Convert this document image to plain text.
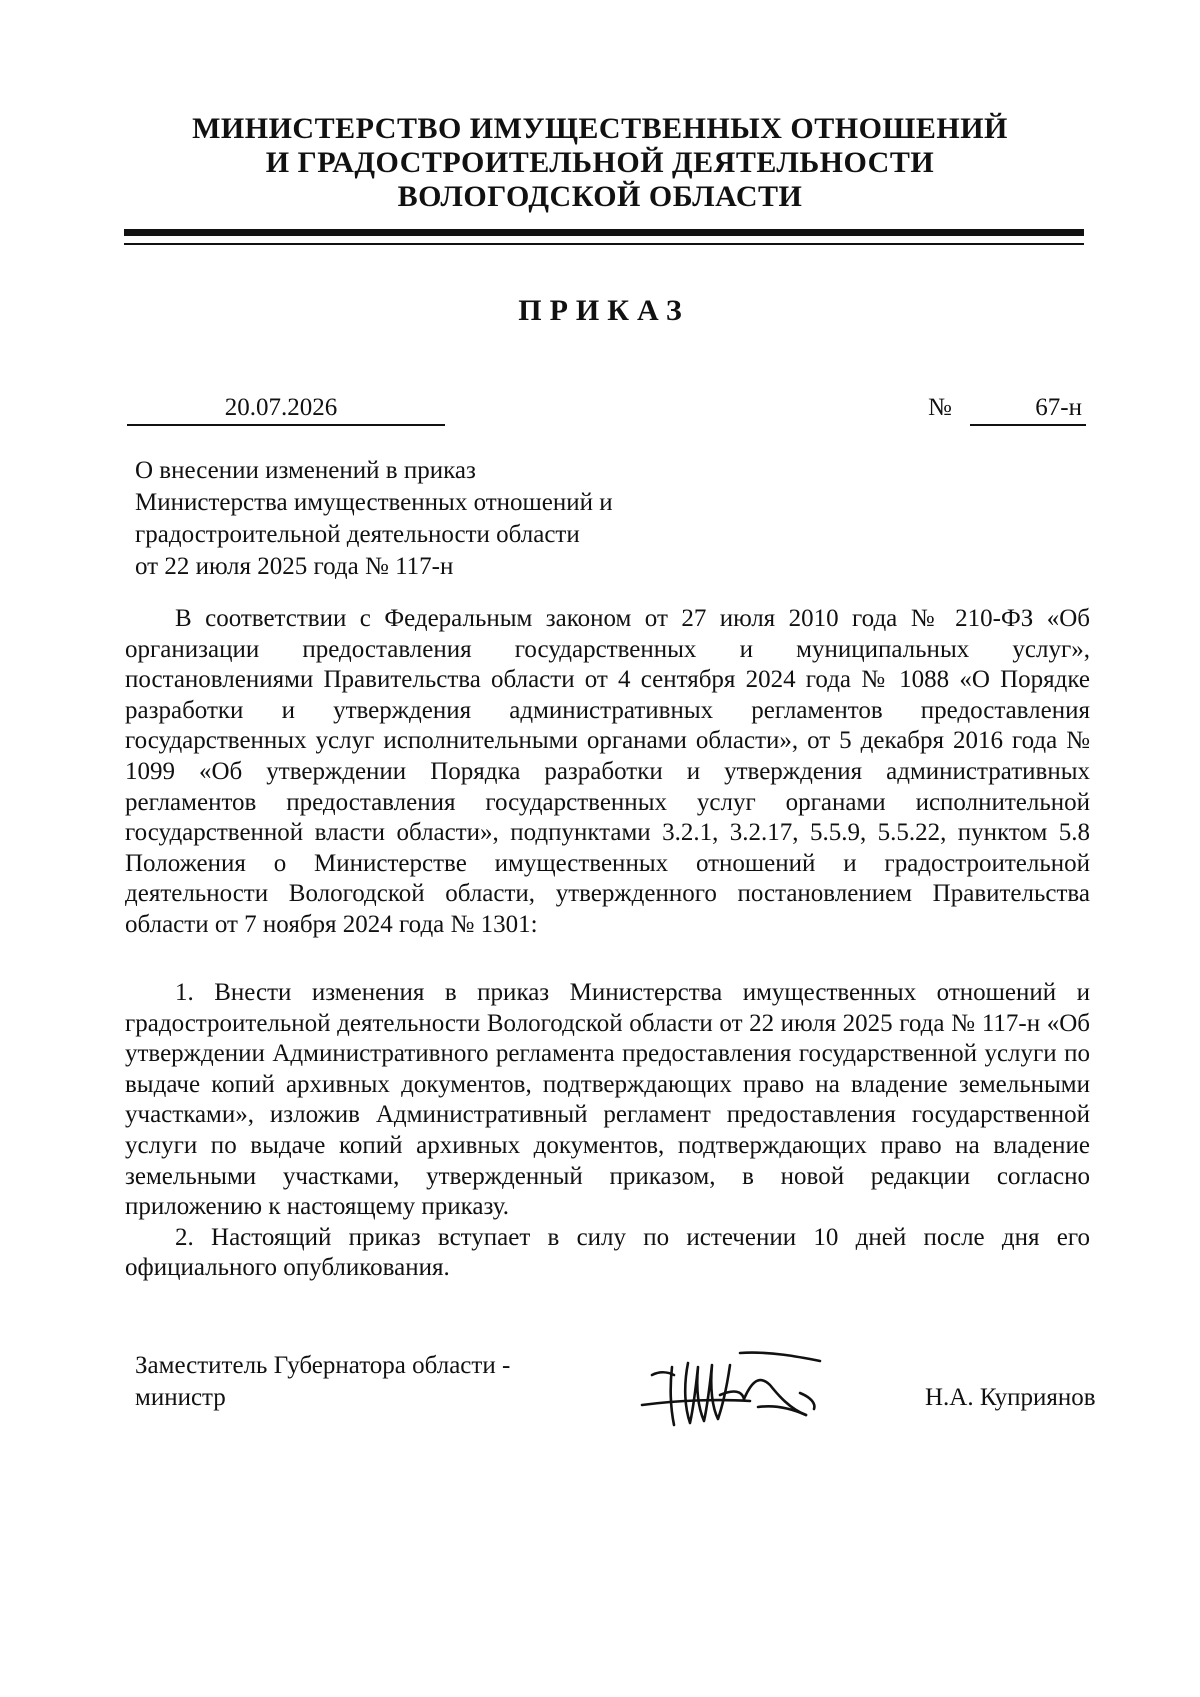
МИНИСТЕРСТВО ИМУЩЕСТВЕННЫХ ОТНОШЕНИЙ
И ГРАДОСТРОИТЕЛЬНОЙ ДЕЯТЕЛЬНОСТИ
ВОЛОГОДСКОЙ ОБЛАСТИ
ПРИКАЗ
20.07.2026	№	67-н
О внесении изменений в приказ
Министерства имущественных отношений и
градостроительной деятельности области
от 22 июля 2025 года № 117-н

В соответствии с Федеральным законом от 27 июля 2010 года № 210-ФЗ «Об организации предоставления государственных и муниципальных услуг», постановлениями Правительства области от 4 сентября 2024 года № 1088 «О Порядке разработки и утверждения административных регламентов предоставления государственных услуг исполнительными органами области», от 5 декабря 2016 года № 1099 «Об утверждении Порядка разработки и утверждения административных регламентов предоставления государственных услуг органами исполнительной государственной власти области», подпунктами 3.2.1, 3.2.17, 5.5.9, 5.5.22, пунктом 5.8 Положения о Министерстве имущественных отношений и градостроительной деятельности Вологодской области, утвержденного постановлением Правительства области от 7 ноября 2024 года № 1301:

1. Внести изменения в приказ Министерства имущественных отношений и градостроительной деятельности Вологодской области от 22 июля 2025 года № 117-н «Об утверждении Административного регламента предоставления государственной услуги по выдаче копий архивных документов, подтверждающих право на владение земельными участками», изложив Административный регламент предоставления государственной услуги по выдаче копий архивных документов, подтверждающих право на владение земельными участками, утвержденный приказом, в новой редакции согласно приложению к настоящему приказу.

2. Настоящий приказ вступает в силу по истечении 10 дней после дня его официального опубликования.

Заместитель Губернатора области -
министр	Н.А. Куприянов
